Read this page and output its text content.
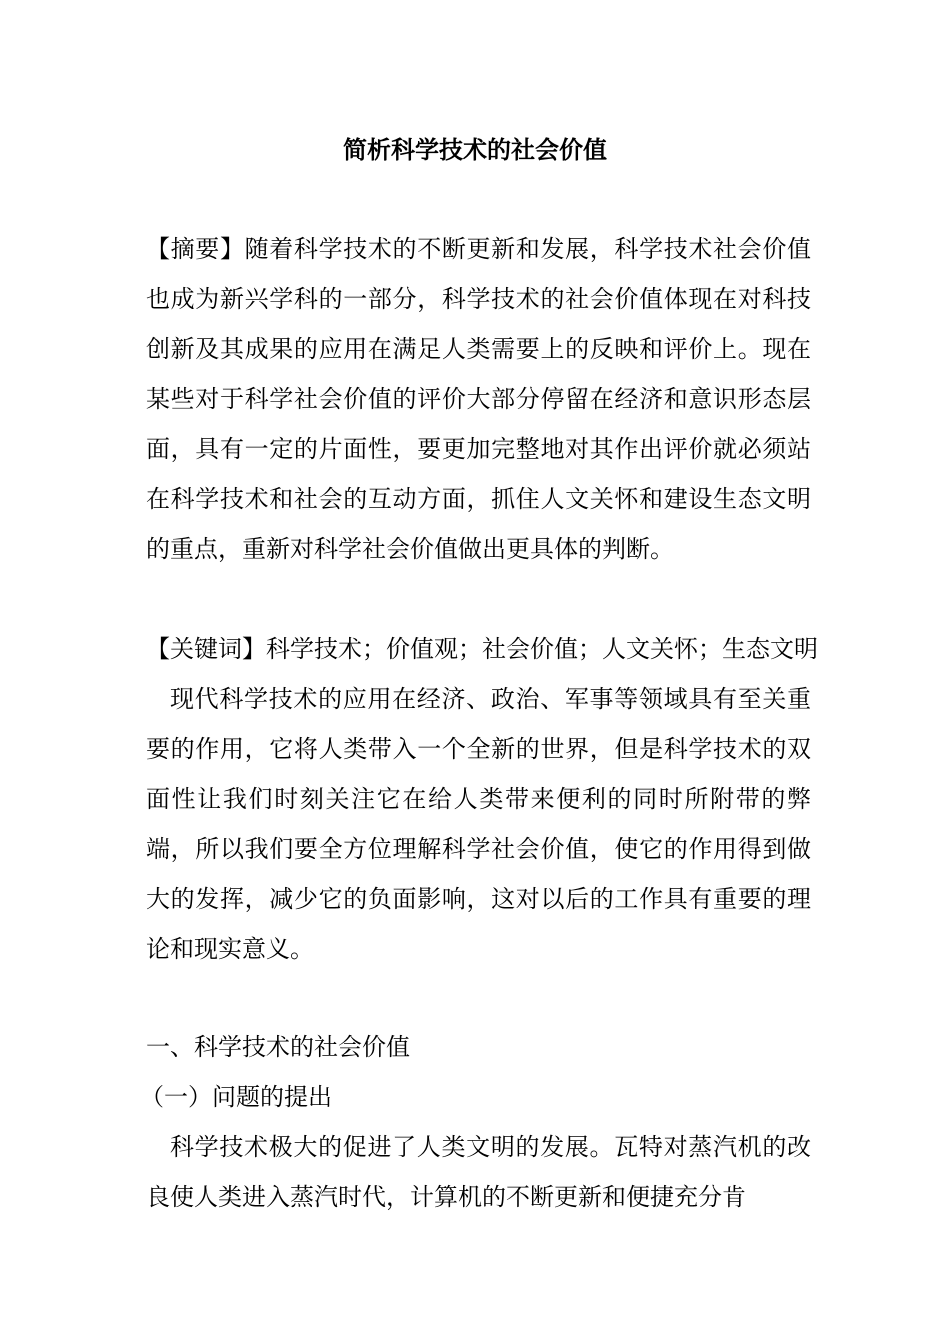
简析科学技术的社会价值

【摘要】随着科学技术的不断更新和发展，科学技术社会价值也成为新兴学科的一部分，科学技术的社会价值体现在对科技创新及其成果的应用在满足人类需要上的反映和评价上。现在某些对于科学社会价值的评价大部分停留在经济和意识形态层面，具有一定的片面性，要更加完整地对其作出评价就必须站在科学技术和社会的互动方面，抓住人文关怀和建设生态文明的重点，重新对科学社会价值做出更具体的判断。

【关键词】科学技术；价值观；社会价值；人文关怀；生态文明

现代科学技术的应用在经济、政治、军事等领域具有至关重要的作用，它将人类带入一个全新的世界，但是科学技术的双面性让我们时刻关注它在给人类带来便利的同时所附带的弊端，所以我们要全方位理解科学社会价值，使它的作用得到做大的发挥，减少它的负面影响，这对以后的工作具有重要的理论和现实意义。

一、科学技术的社会价值
（一）问题的提出

科学技术极大的促进了人类文明的发展。瓦特对蒸汽机的改良使人类进入蒸汽时代，计算机的不断更新和便捷充分肯
